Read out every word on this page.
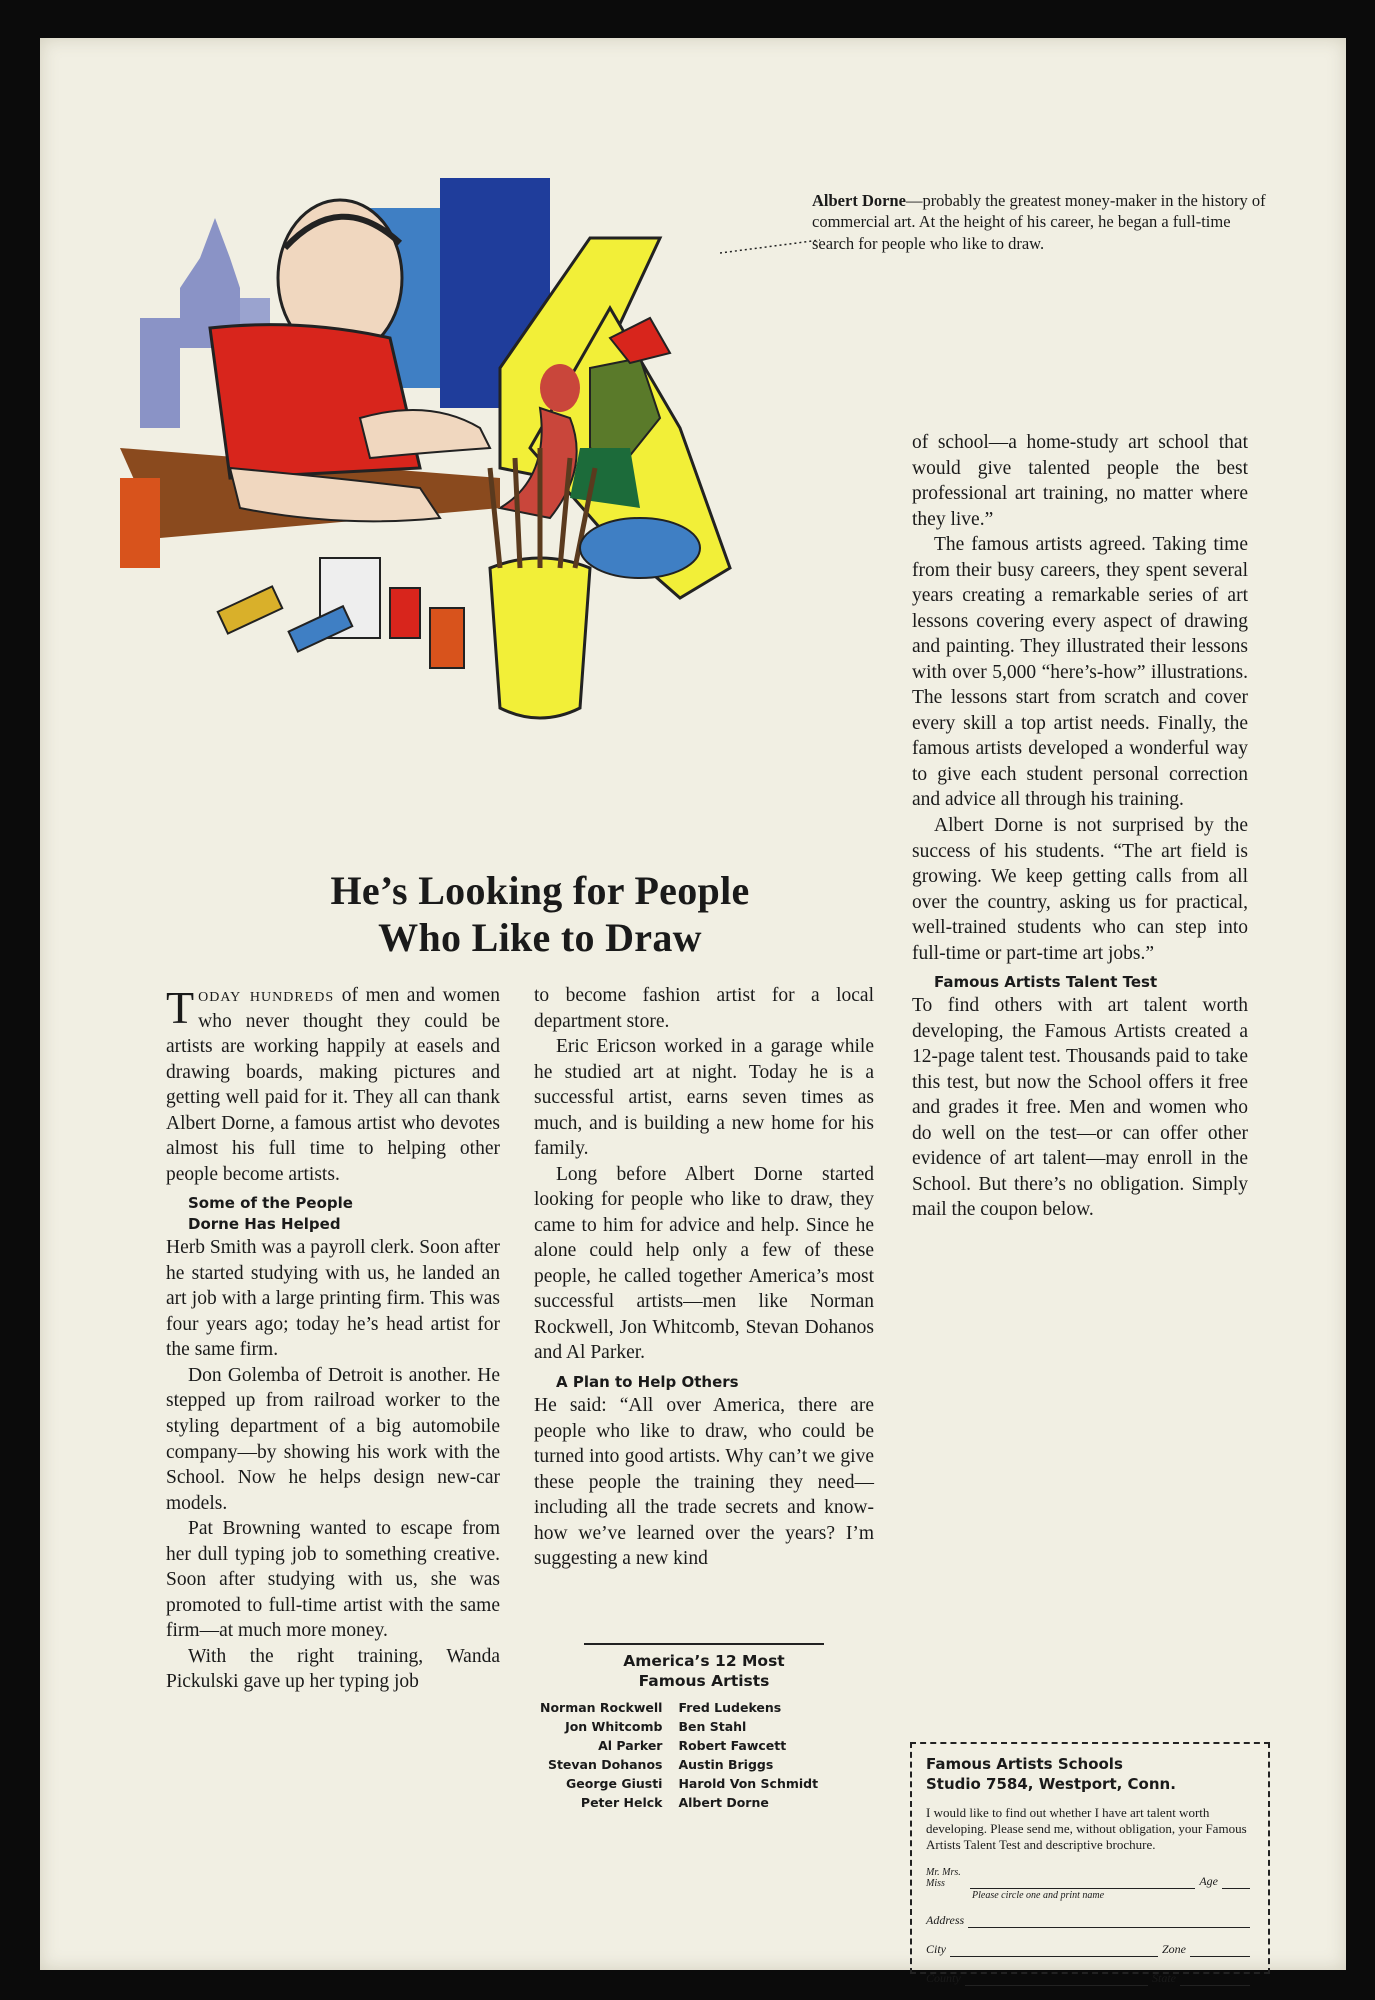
Albert Dorne—probably the greatest money-maker in the history of commercial art. At the height of his career, he began a full-time search for people who like to draw.
He’s Looking for People
Who Like to Draw

Today hundreds of men and women who never thought they could be artists are working happily at easels and drawing boards, making pictures and getting well paid for it. They all can thank Albert Dorne, a famous artist who devotes almost his full time to helping other people become artists.

Some of the People

Dorne Has Helped

Herb Smith was a payroll clerk. Soon after he started studying with us, he landed an art job with a large printing firm. This was four years ago; today he’s head artist for the same firm.

Don Golemba of Detroit is another. He stepped up from railroad worker to the styling department of a big automobile company—by showing his work with the School. Now he helps design new-car models.

Pat Browning wanted to escape from her dull typing job to something creative. Soon after studying with us, she was promoted to full-time artist with the same firm—at much more money.

With the right training, Wanda Pickulski gave up her typing job

to become fashion artist for a local department store.

Eric Ericson worked in a garage while he studied art at night. Today he is a successful artist, earns seven times as much, and is building a new home for his family.

Long before Albert Dorne started looking for people who like to draw, they came to him for advice and help. Since he alone could help only a few of these people, he called together America’s most successful artists—men like Norman Rockwell, Jon Whitcomb, Stevan Dohanos and Al Parker.

A Plan to Help Others

He said: “All over America, there are people who like to draw, who could be turned into good artists. Why can’t we give these people the training they need—including all the trade secrets and know-how we’ve learned over the years? I’m suggesting a new kind

America’s 12 Most
Famous Artists
Norman Rockwell	Fred Ludekens
Jon Whitcomb	Ben Stahl
Al Parker	Robert Fawcett
Stevan Dohanos	Austin Briggs
George Giusti	Harold Von Schmidt
Peter Helck	Albert Dorne

of school—a home-study art school that would give talented people the best professional art training, no matter where they live.”

The famous artists agreed. Taking time from their busy careers, they spent several years creating a remarkable series of art lessons covering every aspect of drawing and painting. They illustrated their lessons with over 5,000 “here’s-how” illustrations. The lessons start from scratch and cover every skill a top artist needs. Finally, the famous artists developed a wonderful way to give each student personal correction and advice all through his training.

Albert Dorne is not surprised by the success of his students. “The art field is growing. We keep getting calls from all over the country, asking us for practical, well-trained students who can step into full-time or part-time art jobs.”

Famous Artists Talent Test

To find others with art talent worth developing, the Famous Artists created a 12-page talent test. Thousands paid to take this test, but now the School offers it free and grades it free. Men and women who do well on the test—or can offer other evidence of art talent—may enroll in the School. But there’s no obligation. Simply mail the coupon below.

Famous Artists Schools
Studio 7584, Westport, Conn.
I would like to find out whether I have art talent worth developing. Please send me, without obligation, your Famous Artists Talent Test and descriptive brochure.
Mr. Mrs. Miss
Please circle one and print name
Age
Address
City	Zone
County	State
